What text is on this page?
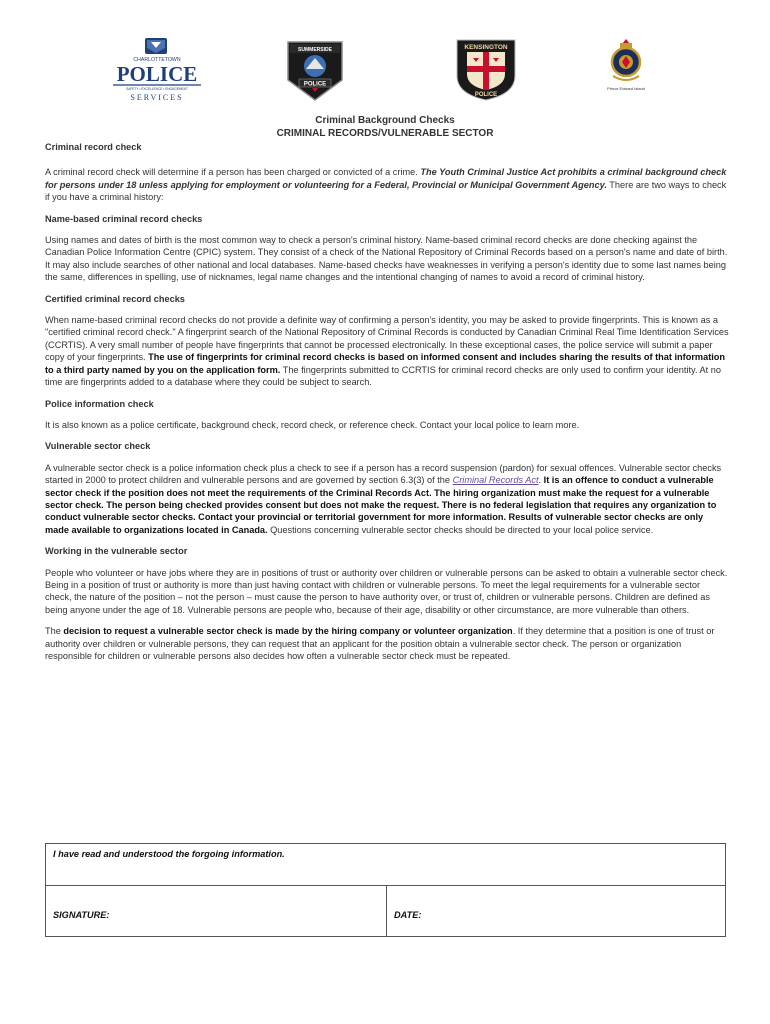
CHARLOTTETOWN
POLICE
SAFETY • EXCELLENCE • ENGAGEMENT
SERVICES
SUMMERSIDE
POLICE
KENSINGTON
POLICE
Prince Edward Island
Criminal Background Checks
CRIMINAL RECORDS/VULNERABLE SECTOR
Criminal record check

A criminal record check will determine if a person has been charged or convicted of a crime. The Youth Criminal Justice Act prohibits a criminal background check for persons under 18 unless applying for employment or volunteering for a Federal, Provincial or Municipal Government Agency. There are two ways to check if you have a criminal history:

Name-based criminal record checks

Using names and dates of birth is the most common way to check a person's criminal history. Name-based criminal record checks are done checking against the Canadian Police Information Centre (CPIC) system. They consist of a check of the National Repository of Criminal Records based on a person's name and date of birth. It may also include searches of other national and local databases. Name-based checks have weaknesses in verifying a person's identity due to some last names being the same, differences in spelling, use of nicknames, legal name changes and the intentional changing of names to avoid a record of criminal history.

Certified criminal record checks

When name-based criminal record checks do not provide a definite way of confirming a person's identity, you may be asked to provide fingerprints. This is known as a "certified criminal record check." A fingerprint search of the National Repository of Criminal Records is conducted by Canadian Criminal Real Time Identification Services (CCRTIS). A very small number of people have fingerprints that cannot be processed electronically. In these exceptional cases, the police service will submit a paper copy of your fingerprints. The use of fingerprints for criminal record checks is based on informed consent and includes sharing the results of that information to a third party named by you on the application form. The fingerprints submitted to CCRTIS for criminal record checks are only used to confirm your identity. At no time are fingerprints added to a database where they could be subject to search.

Police information check

It is also known as a police certificate, background check, record check, or reference check. Contact your local police to learn more.

Vulnerable sector check

A vulnerable sector check is a police information check plus a check to see if a person has a record suspension (pardon) for sexual offences. Vulnerable sector checks started in 2000 to protect children and vulnerable persons and are governed by section 6.3(3) of the Criminal Records Act. It is an offence to conduct a vulnerable sector check if the position does not meet the requirements of the Criminal Records Act. The hiring organization must make the request for a vulnerable sector check. The person being checked provides consent but does not make the request. There is no federal legislation that requires any organization to conduct vulnerable sector checks. Contact your provincial or territorial government for more information. Results of vulnerable sector checks are only made available to organizations located in Canada. Questions concerning vulnerable sector checks should be directed to your local police service.

Working in the vulnerable sector

People who volunteer or have jobs where they are in positions of trust or authority over children or vulnerable persons can be asked to obtain a vulnerable sector check. Being in a position of trust or authority is more than just having contact with children or vulnerable persons. To meet the legal requirements for a vulnerable sector check, the nature of the position – not the person – must cause the person to have authority over, or trust of, children or vulnerable persons. Children are defined as being anyone under the age of 18. Vulnerable persons are people who, because of their age, disability or other circumstance, are more vulnerable than others.

The decision to request a vulnerable sector check is made by the hiring company or volunteer organization. If they determine that a position is one of trust or authority over children or vulnerable persons, they can request that an applicant for the position obtain a vulnerable sector check. The person or organization responsible for children or vulnerable persons also decides how often a vulnerable sector check must be repeated.

I have read and understood the forgoing information.
SIGNATURE:	DATE:
